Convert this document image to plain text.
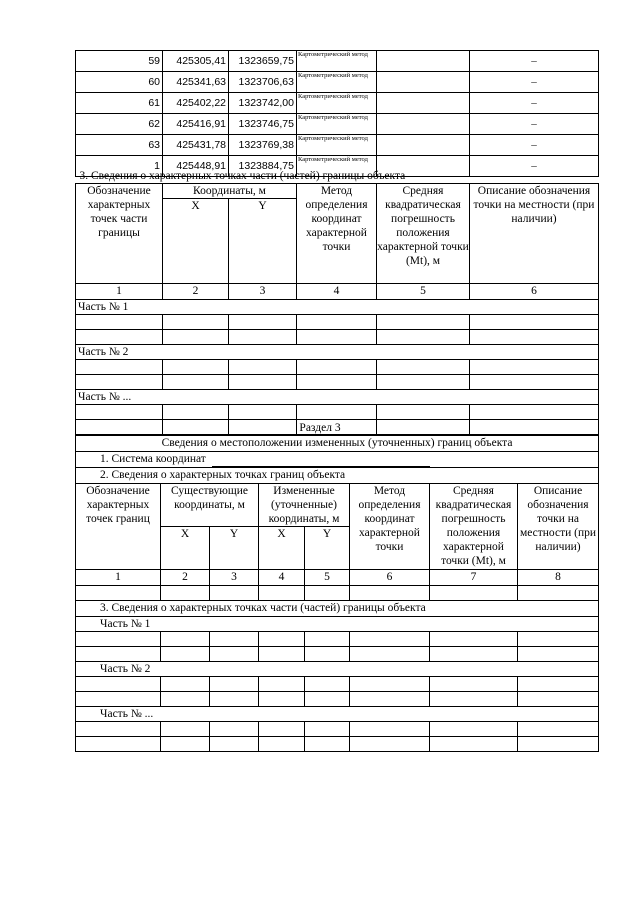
59	425305,41	1323659,75	Картометрический метод		–
60	425341,63	1323706,63	Картометрический метод		–
61	425402,22	1323742,00	Картометрический метод		–
62	425416,91	1323746,75	Картометрический метод		–
63	425431,78	1323769,38	Картометрический метод		–
1	425448,91	1323884,75	Картометрический метод		–
3. Сведения о характерных точках части (частей) границы объекта					
Обозначение характерных точек части границы	Координаты, м		Метод определения координат характерной точки	Средняя квадратическая погрешность положения характерной точки (Mt), м	Описание обозначения точки на местности (при наличии)
	X	Y			
1	2	3	4	5	6
Часть № 1					

Часть № 2					

Часть № ...					

Раздел 3
Сведения о местоположении измененных (уточненных) границ объекта							
1. Система координат							
2. Сведения о характерных точках границ объекта							
Обозначение характерных точек границ	Существующие координаты, м		Измененные (уточненные) координаты, м		Метод определения координат характерной точки	Средняя квадратическая погрешность положения характерной точки (Mt), м	Описание обозначения точки на местности (при наличии)
	X	Y	X	Y			
1	2	3	4	5	6	7	8

3. Сведения о характерных точках части (частей) границы объекта							
Часть № 1							

Часть № 2							

Часть № ...							
